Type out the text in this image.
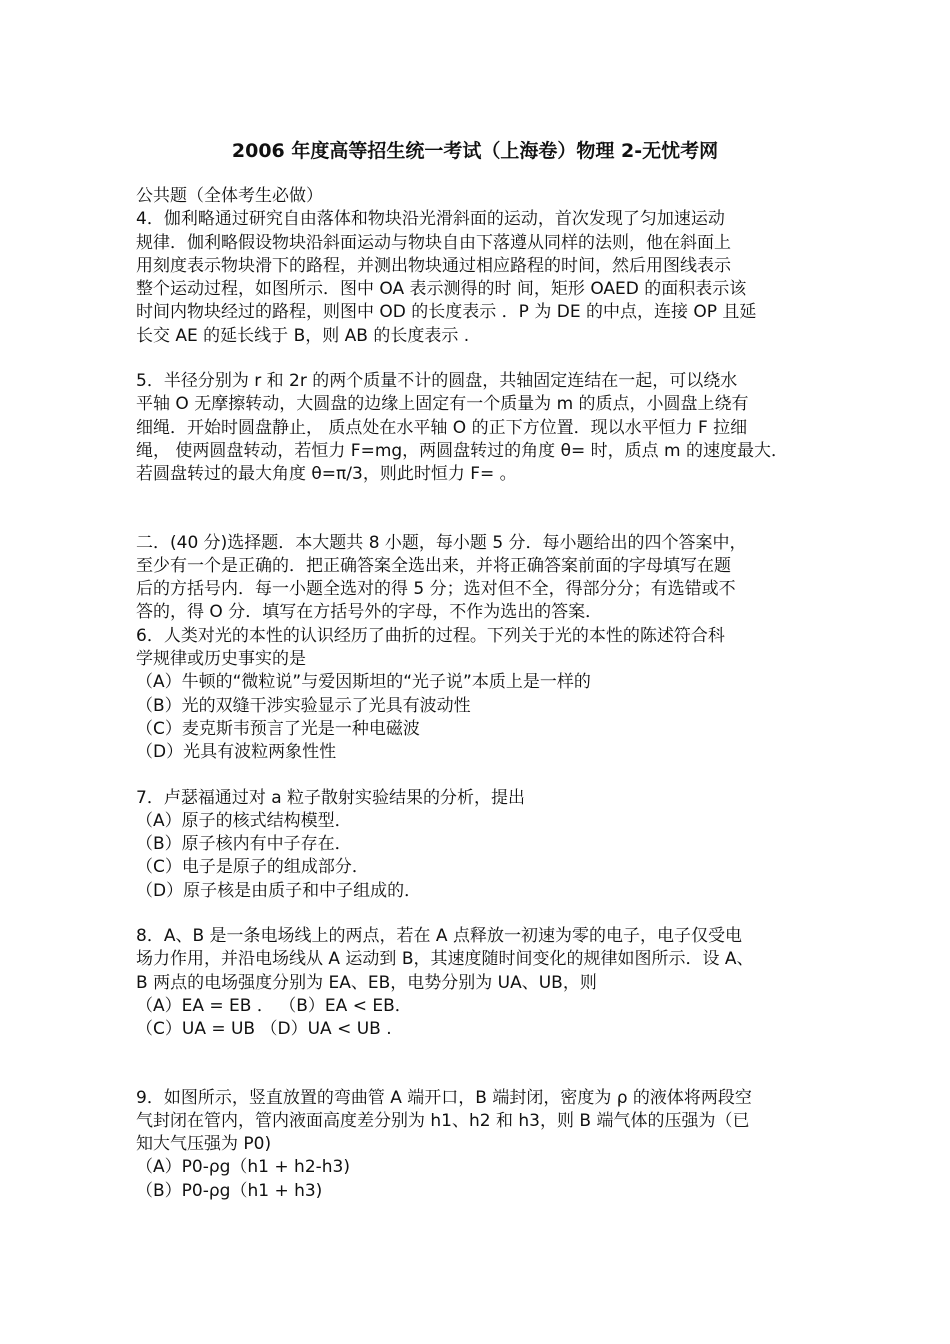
2006 年度高等招生统一考试（上海卷）物理 2-无忧考网
公共题（全体考生必做）
4．伽利略通过研究自由落体和物块沿光滑斜面的运动，首次发现了匀加速运动
规律．伽利略假设物块沿斜面运动与物块自由下落遵从同样的法则，他在斜面上
用刻度表示物块滑下的路程，并测出物块通过相应路程的时间，然后用图线表示
整个运动过程，如图所示．图中 OA 表示测得的时 间，矩形 OAED 的面积表示该
时间内物块经过的路程，则图中 OD 的长度表示 ．P 为 DE 的中点，连接 OP 且延
长交 AE 的延长线于 B，则 AB 的长度表示 .
5．半径分别为 r 和 2r 的两个质量不计的圆盘，共轴固定连结在一起，可以绕水
平轴 O 无摩擦转动，大圆盘的边缘上固定有一个质量为 m 的质点，小圆盘上绕有
细绳．开始时圆盘静止， 质点处在水平轴 O 的正下方位置．现以水平恒力 F 拉细
绳， 使两圆盘转动，若恒力 F=mg，两圆盘转过的角度 θ= 时，质点 m 的速度最大．
若圆盘转过的最大角度 θ=π/3，则此时恒力 F= 。
二．(40 分)选择题．本大题共 8 小题，每小题 5 分．每小题给出的四个答案中，
至少有一个是正确的．把正确答案全选出来，并将正确答案前面的字母填写在题
后的方括号内．每一小题全选对的得 5 分；选对但不全，得部分分；有选错或不
答的，得 O 分．填写在方括号外的字母，不作为选出的答案．
6．人类对光的本性的认识经历了曲折的过程。下列关于光的本性的陈述符合科
学规律或历史事实的是
（A）牛顿的“微粒说”与爱因斯坦的“光子说”本质上是一样的
（B）光的双缝干涉实验显示了光具有波动性
（C）麦克斯韦预言了光是一种电磁波
（D）光具有波粒两象性性
7．卢瑟福通过对 a 粒子散射实验结果的分析，提出
（A）原子的核式结构模型．
（B）原子核内有中子存在．
（C）电子是原子的组成部分．
（D）原子核是由质子和中子组成的．
8．A、B 是一条电场线上的两点，若在 A 点释放一初速为零的电子，电子仅受电
场力作用，并沿电场线从 A 运动到 B，其速度随时间变化的规律如图所示．设 A、
B 两点的电场强度分别为 EA、EB，电势分别为 UA、UB，则
（A）EA = EB ． （B）EA < EB．
（C）UA = UB （D）UA < UB .
9．如图所示，竖直放置的弯曲管 A 端开口，B 端封闭，密度为 ρ 的液体将两段空
气封闭在管内，管内液面高度差分别为 h1、h2 和 h3，则 B 端气体的压强为（已
知大气压强为 P0)
（A）P0-ρg（h1 + h2-h3)
（B）P0-ρg（h1 + h3)
